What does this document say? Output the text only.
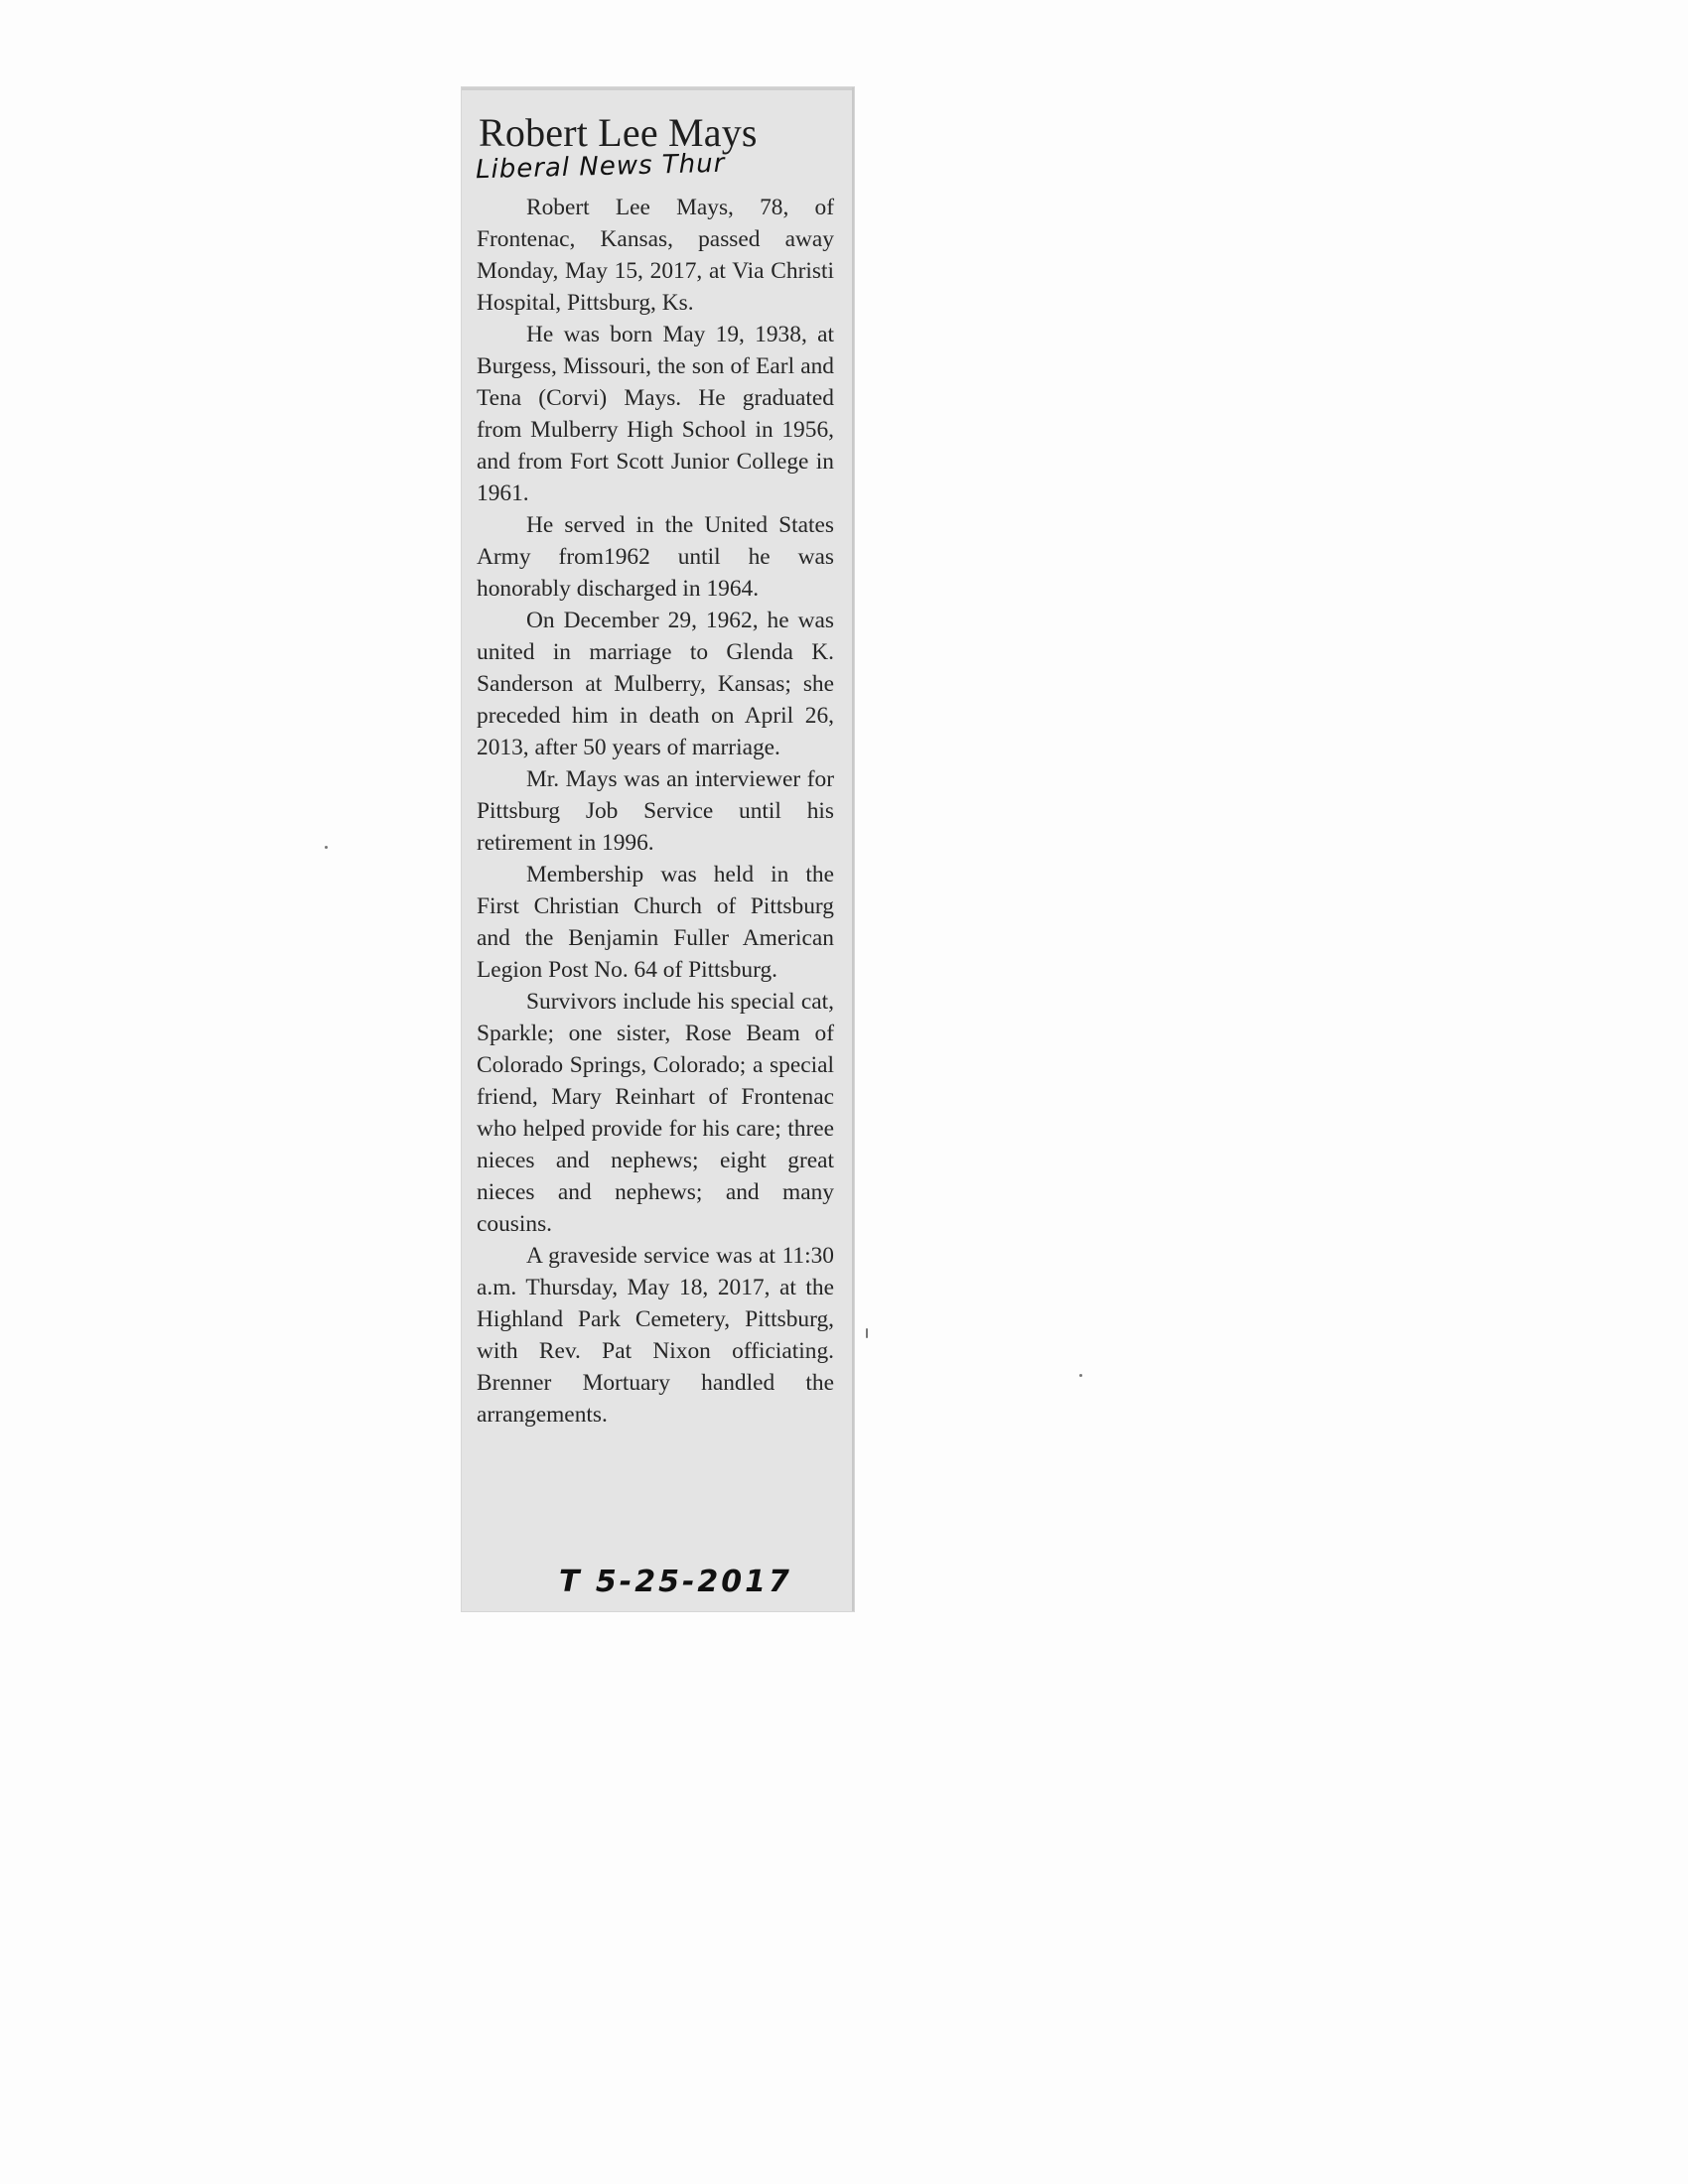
Robert Lee Mays
Liberal News Thur

Robert Lee Mays, 78, of Frontenac, Kansas, passed away Monday, May 15, 2017, at Via Christi Hospital, Pittsburg, Ks.

He was born May 19, 1938, at Burgess, Missouri, the son of Earl and Tena (Corvi) Mays. He graduated from Mulberry High School in 1956, and from Fort Scott Junior College in 1961.

He served in the United States Army from1962 until he was honorably discharged in 1964.

On December 29, 1962, he was united in marriage to Glenda K. Sanderson at Mulberry, Kansas; she preceded him in death on April 26, 2013, after 50 years of marriage.

Mr. Mays was an interviewer for Pittsburg Job Service until his retirement in 1996.

Membership was held in the First Christian Church of Pittsburg and the Benjamin Fuller American Legion Post No. 64 of Pittsburg.

Survivors include his special cat, Sparkle; one sister, Rose Beam of Colorado Springs, Colorado; a special friend, Mary Reinhart of Frontenac who helped provide for his care; three nieces and nephews; eight great nieces and nephews; and many cousins.

A graveside service was at 11:30 a.m. Thursday, May 18, 2017, at the Highland Park Cemetery, Pittsburg, with Rev. Pat Nixon officiating. Brenner Mortuary handled the arrangements.

T 5-25-2017
